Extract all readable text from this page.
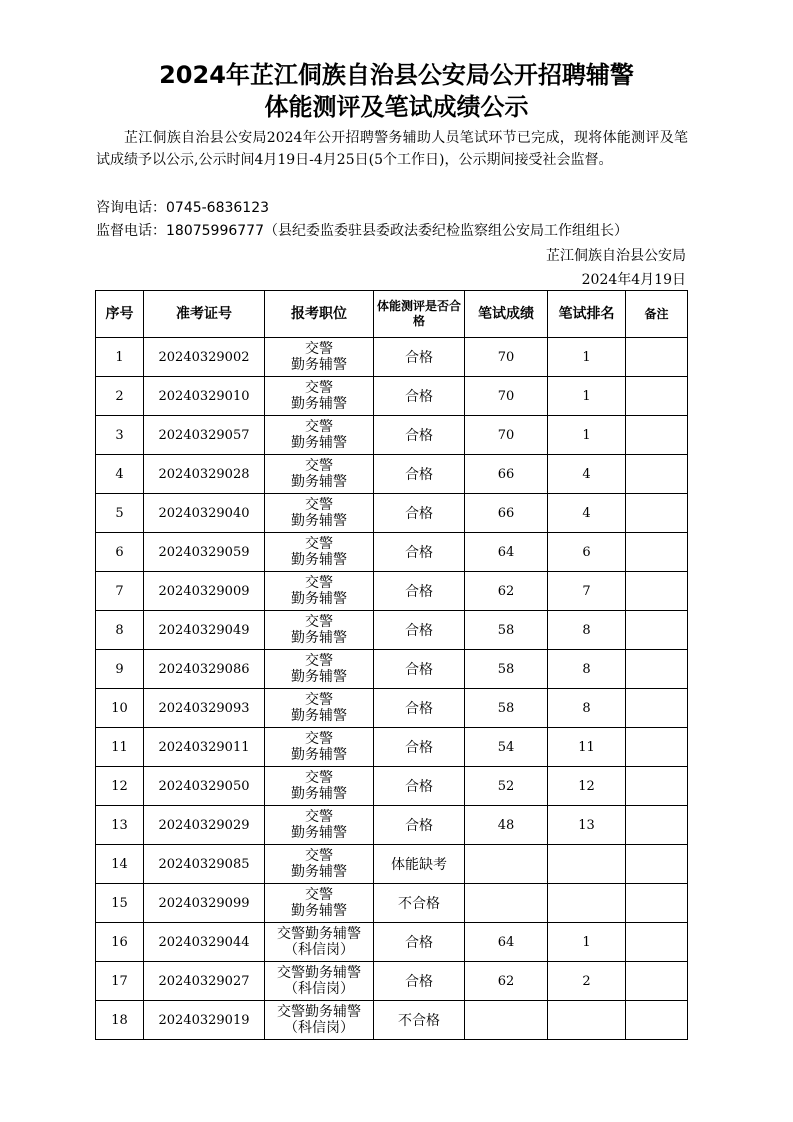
2024年芷江侗族自治县公安局公开招聘辅警
体能测评及笔试成绩公示
芷江侗族自治县公安局2024年公开招聘警务辅助人员笔试环节已完成，现将体能测评及笔试成绩予以公示,公示时间4月19日-4月25日(5个工作日)，公示期间接受社会监督。
咨询电话：0745-6836123
监督电话：18075996777（县纪委监委驻县委政法委纪检监察组公安局工作组组长）
芷江侗族自治县公安局
2024年4月19日
序号	准考证号	报考职位	体能测评是否合格	笔试成绩	笔试排名	备注
1	20240329002	交警
勤务辅警	合格	70	1	
2	20240329010	交警
勤务辅警	合格	70	1	
3	20240329057	交警
勤务辅警	合格	70	1	
4	20240329028	交警
勤务辅警	合格	66	4	
5	20240329040	交警
勤务辅警	合格	66	4	
6	20240329059	交警
勤务辅警	合格	64	6	
7	20240329009	交警
勤务辅警	合格	62	7	
8	20240329049	交警
勤务辅警	合格	58	8	
9	20240329086	交警
勤务辅警	合格	58	8	
10	20240329093	交警
勤务辅警	合格	58	8	
11	20240329011	交警
勤务辅警	合格	54	11	
12	20240329050	交警
勤务辅警	合格	52	12	
13	20240329029	交警
勤务辅警	合格	48	13	
14	20240329085	交警
勤务辅警	体能缺考			
15	20240329099	交警
勤务辅警	不合格			
16	20240329044	交警勤务辅警
（科信岗）	合格	64	1	
17	20240329027	交警勤务辅警
（科信岗）	合格	62	2	
18	20240329019	交警勤务辅警
（科信岗）	不合格			
